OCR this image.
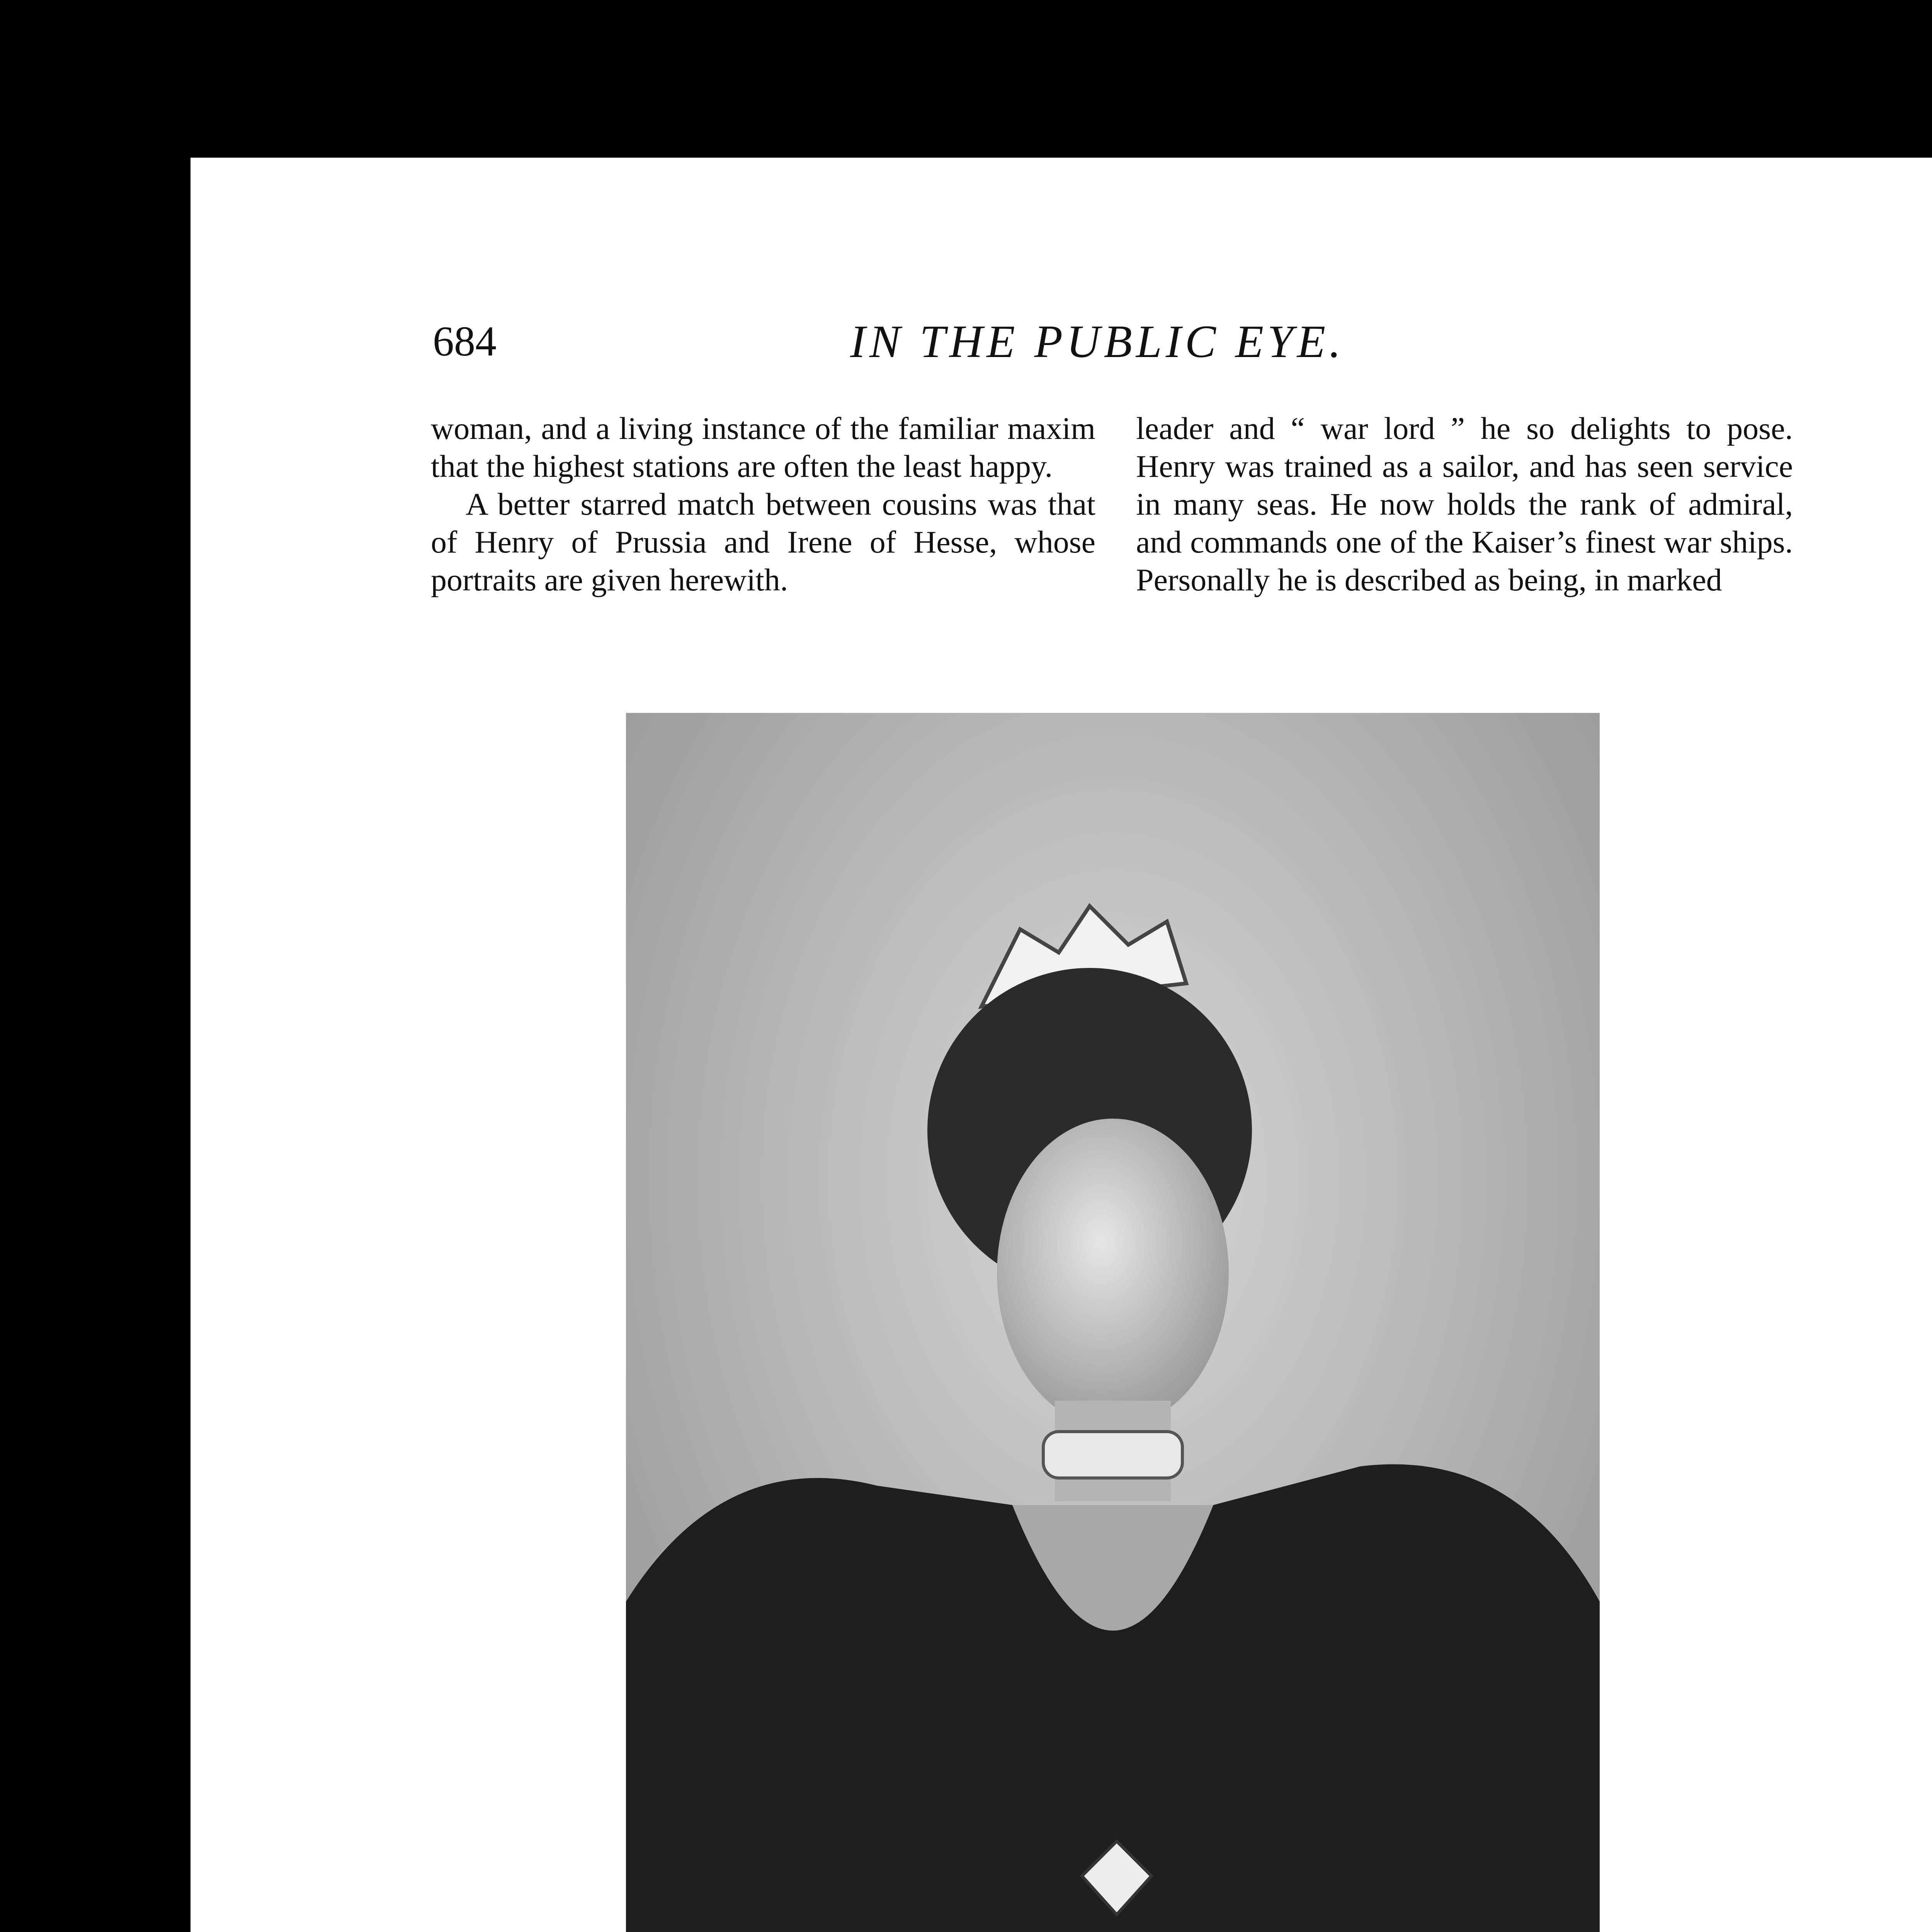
684	IN THE PUBLIC EYE.

woman, and a living instance of the familiar maxim that the highest stations are often the least happy.

A better starred match between cousins was that of Henry of Prussia and Irene of Hesse, whose portraits are given herewith.

leader and “ war lord ” he so delights to pose. Henry was trained as a sailor, and has seen service in many seas. He now holds the rank of admiral, and commands one of the Kaiser’s finest war ships. Personally he is described as being, in marked
